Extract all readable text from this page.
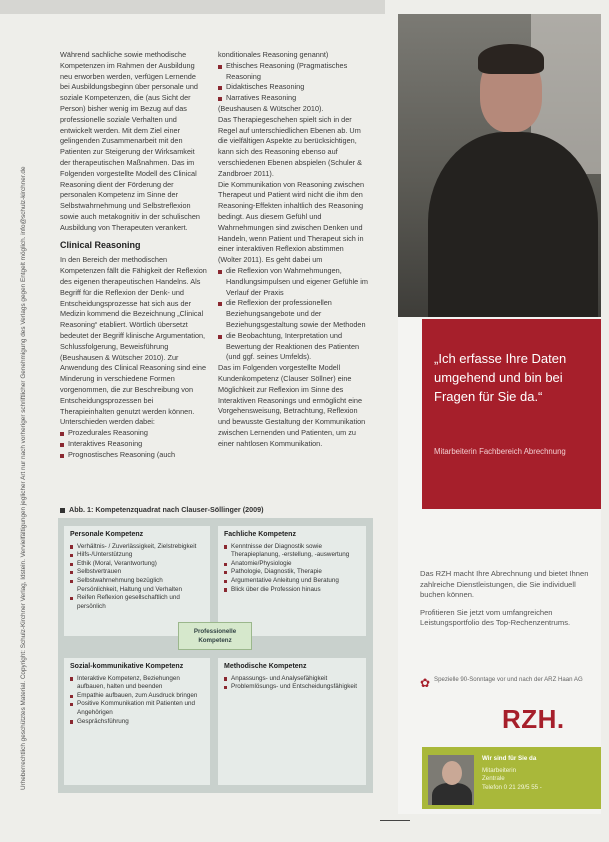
Urheberrechtlich geschütztes Material. Copyright: Schulz-Kirchner Verlag, Idstein. Vervielfältigungen jeglicher Art nur nach vorheriger schriftlicher Genehmigung des Verlags gegen Entgelt möglich. info@schulz-kirchner.de

Während sachliche sowie methodische Kompetenzen im Rahmen der Ausbildung neu erworben werden, verfügen Lernende bei Ausbildungsbeginn über personale und soziale Kompetenzen, die (aus Sicht der Person) bisher wenig im Bezug auf das professionelle soziale Verhalten und entwickelt werden. Mit dem Ziel einer gelingenden Zusammenarbeit mit den Patienten zur Steigerung der Wirksamkeit der therapeutischen Maßnahmen. Das im Folgenden vorgestellte Modell des Clinical Reasoning dient der Förderung der personalen Kompetenz im Sinne der Selbstwahrnehmung und Selbstreflexion sowie auch metakognitiv in der schulischen Ausbildung von Therapeuten verankert.

Clinical Reasoning

In den Bereich der methodischen Kompetenzen fällt die Fähigkeit der Reflexion des eigenen therapeutischen Handelns. Als Begriff für die Reflexion der Denk- und Entscheidungsprozesse hat sich aus der Medizin kommend die Bezeichnung „Clinical Reasoning“ etabliert. Wörtlich übersetzt bedeutet der Begriff klinische Argumentation, Schlussfolgerung, Beweisführung (Beushausen & Wütscher 2010). Zur Anwendung des Clinical Reasoning sind eine Minderung in verschiedene Formen vorgenommen, die zur Beschreibung von Entscheidungsprozessen bei Therapieinhalten genutzt werden können. Unterschieden werden dabei:

Prozedurales Reasoning
Interaktives Reasoning
Prognostisches Reasoning (auch

konditionales Reasoning genannt)

Ethisches Reasoning (Pragmatisches Reasoning
Didaktisches Reasoning
Narratives Reasoning

(Beushausen & Wütscher 2010).

Das Therapiegeschehen spielt sich in der Regel auf unterschiedlichen Ebenen ab. Um die vielfältigen Aspekte zu berücksichtigen, kann sich des Reasoning ebenso auf verschiedenen Ebenen abspielen (Schuler & Zandbroer 2011).

Die Kommunikation von Reasoning zwischen Therapeut und Patient wird nicht die ihm den Reasoning-Effekten inhaltlich des Reasoning bedingt. Aus diesem Gefühl und Wahrnehmungen sind zwischen Denken und Handeln, wenn Patient und Therapeut sich in einer interaktiven Reflexion abstimmen (Wolter 2011). Es geht dabei um

die Reflexion von Wahrnehmungen, Handlungsimpulsen und eigener Gefühle im Verlauf der Praxis
die Reflexion der professionellen Beziehungsangebote und der Beziehungsgestaltung sowie der Methoden
die Beobachtung, Interpretation und Bewertung der Reaktionen des Patienten (und ggf. seines Umfelds).

Das im Folgenden vorgestellte Modell Kundenkompetenz (Clauser Söllner) eine Möglichkeit zur Reflexion im Sinne des Interaktiven Reasonings und ermöglicht eine Vorgehensweisung, Betrachtung, Reflexion und bewusste Gestaltung der Kommunikation zwischen Lernenden und Patienten, um zu einer nahtlosen Kommunikation.

Abb. 1: Kompetenzquadrat nach Clauser-Söllinger (2009)
Personale Kompetenz
Verhältnis- / Zuverlässigkeit, Zielstrebigkeit
Hilfs-/Unterstützung
Ethik (Moral, Verantwortung)
Selbstvertrauen
Selbstwahrnehmung bezüglich Persönlichkeit, Haltung und Verhalten
Reifen Reflexion gesellschaftlich und persönlich
Fachliche Kompetenz
Kenntnisse der Diagnostik sowie Therapieplanung, -erstellung, -auswertung
Anatomie/Physiologie
Pathologie, Diagnostik, Therapie
Argumentative Anleitung und Beratung
Blick über die Profession hinaus
Sozial-kommunikative Kompetenz
Interaktive Kompetenz, Beziehungen aufbauen, halten und beenden
Empathie aufbauen, zum Ausdruck bringen
Positive Kommunikation mit Patienten und Angehörigen
Gesprächsführung
Methodische Kompetenz
Anpassungs- und Analysefähigkeit
Problemlösungs- und Entscheidungsfähigkeit
Professionelle Kompetenz
„Ich erfasse Ihre Daten umgehend und bin bei Fragen für Sie da.“
Mitarbeiterin Fachbereich Abrechnung

Das RZH macht Ihre Abrechnung und bietet Ihnen zahlreiche Dienstleistungen, die Sie individuell buchen können.

Profitieren Sie jetzt vom umfangreichen Leistungsportfolio des Top-Rechenzentrums.

✿ Spezielle 90-Sonntage vor und nach der ARZ Haan AG
RZH.
Wir sind für Sie da
Mitarbeiterin
Zentrale
Telefon 0 21 29/5 55 -
